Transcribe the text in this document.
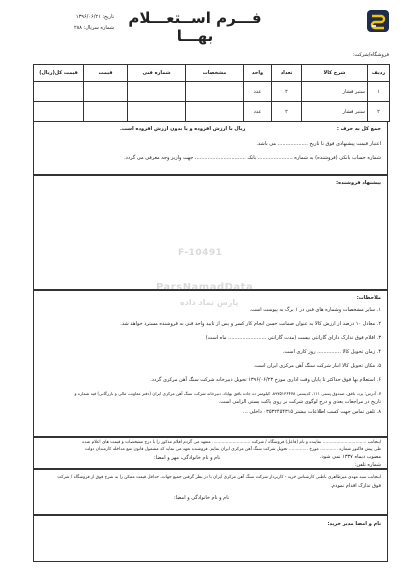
فـــرم اســتعـــلام بهـــا
تاریخ: ۱۳۹۶/۰۶/۲۱
شماره سریال: ۲۸۸
فروشگاه/شرکت:
ردیف	شرح کالا	تعداد	واحد	مشخصات	شماره فنی	قیمت	قیمت کل(ریال)
۱	ستبر فشار	۲	عدد				
۲	ستبر فشار	۲	عدد				
جمع کل به حرف :  ریال با ارزش افزوده و یا بدون ارزش افزوده است.
اعتبار قیمت پیشنهادی فوق تا تاریخ ................... می باشد.
شماره حساب بانکی (فروشنده) به شماره ...................... بانک ................................ جهت واریز وجه معرفی می گردد.
پیشنهاد فروشنده:
ملاحظات:
۱. سایر مشخصات وشماره های فنی در ۱ برگ به پیوست است.
۲. معادل ۱۰ درصد از ارزش کالا به عنوان ضمانت حسن انجام کار کسر و پس از تایید واحد فنی به فروشنده مسترد خواهد شد.
۳. اقلام فوق تدارک دارای گارانتی بیست (مدت گارانتی ........................ ماه است)
۴. زمان تحویل کالا ............... روز کاری است.
۵. مکان تحویل کالا انبار شرکت سنگ آهن مرکزی ایران است.
۶. استعلام بها فوق حداکثر تا پایان وقت اداری مورخ ۱۳۹۶/۰۶/۲۳ تحویل دبیرخانه شرکت سنگ آهن مرکزی گردد.
۷. آدرس: یزد، بافق، صندوق پستی ۱۱۱، کدپستی ۸۹۷۵۱۳۶۴۷۸، کیلومتر ده جاده بافق بهاباد، دبیرخانه شرکت سنگ آهن مرکزی ایران (دفتر معاونت مالی و بازرگانی) فیه شماره و
تاریخ در مراجعات بعدی و درج لوگوی شرکت بر روی پاکت پستی الزامی است.
۸. تلفن تماس جهت کسب اطلاعات بیشتر ۰۳۵۳۲۴۵۴۳۱۵ داخلی ...
اینجانب ................................ نماینده و نام (فاعل) فروشگاه / شرکت ............................ متعهد می گردم اقلام مذکور را با درج مشخصات و قیمت های اعلام شده
طی پیش فاکتور شماره ............. مورخ .............. تحویل شرکت سنگ آهن مرکزی ایران نمایم. فروشنده تعهد می نماید که مشمول قانون منع مداخله کارمندان دولت
مصوب دیماه ۱۳۳۷ نمی شود.
نام و نام خانوادگی، مهر و امضا:
شماره تلفن:
اینجانب سید مهدی میرطاهری باطنی کارشناس خرید - کاربرداز شرکت سنگ آهن مرکزی ایران با در نظر گرفتن جمیع جهات، حداقل قیمت ممکن را به شرح فوق از فروشگاه / شرکت
فوق تدارک اقدام نمودم.
نام و نام خانوادگی و امضا:
نام و امضا مدیر خرید:
F-10491
ParsNamadData
پارس نماد داده
